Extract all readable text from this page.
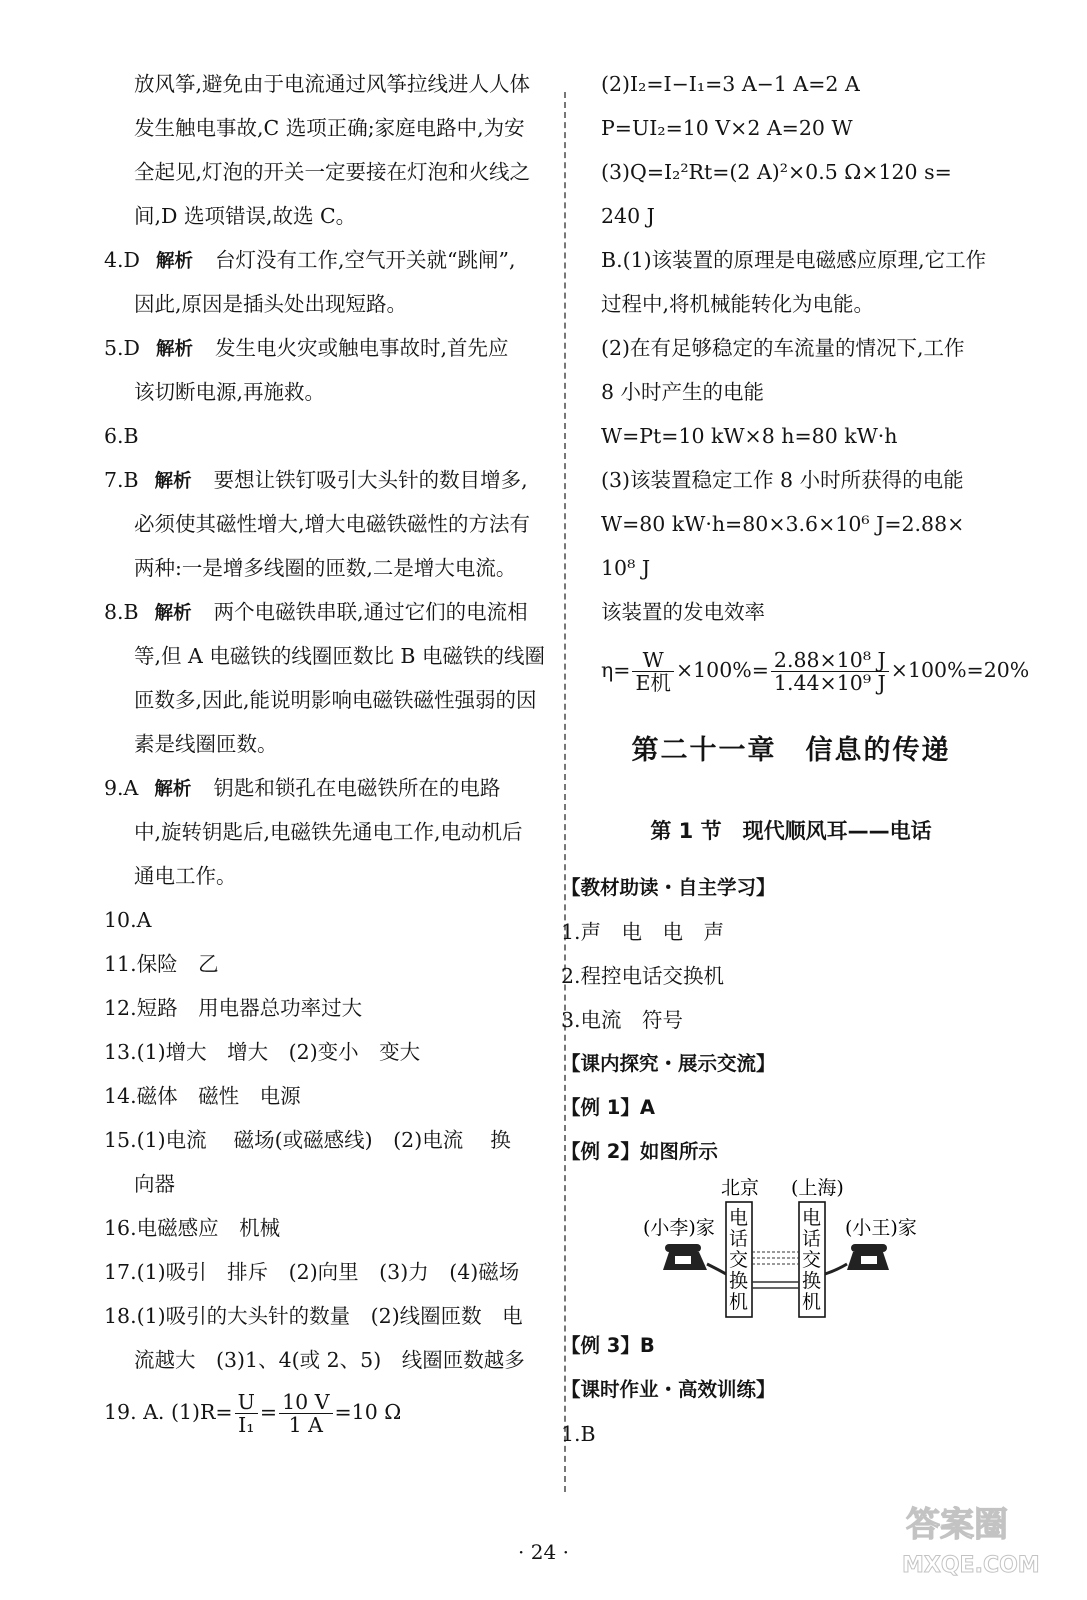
放风筝,避免由于电流通过风筝拉线进人人体
发生触电事故,C 选项正确;家庭电路中,为安
全起见,灯泡的开关一定要接在灯泡和火线之
间,D 选项错误,故选 C。
4.D 解析 台灯没有工作,空气开关就“跳闸”,
因此,原因是插头处出现短路。
5.D 解析 发生电火灾或触电事故时,首先应
该切断电源,再施救。
6.B
7.B 解析 要想让铁钉吸引大头针的数目增多,
必须使其磁性增大,增大电磁铁磁性的方法有
两种:一是增多线圈的匝数,二是增大电流。
8.B 解析 两个电磁铁串联,通过它们的电流相
等,但 A 电磁铁的线圈匝数比 B 电磁铁的线圈
匝数多,因此,能说明影响电磁铁磁性强弱的因
素是线圈匝数。
9.A 解析 钥匙和锁孔在电磁铁所在的电路
中,旋转钥匙后,电磁铁先通电工作,电动机后
通电工作。
10.A
11.保险　乙
12.短路　用电器总功率过大
13.(1)增大　增大　(2)变小　变大
14.磁体　磁性　电源
15.(1)电流　 磁场(或磁感线)　(2)电流　 换
向器
16.电磁感应　机械
17.(1)吸引　排斥　(2)向里　(3)力　(4)磁场
18.(1)吸引的大头针的数量　(2)线圈匝数　电
流越大　(3)1、4(或 2、5)　线圈匝数越多
19. A. $(1)R= \frac{U}{\text{I₁}} = \frac{10 V}{1 A} =10$ Ω
(2)I₂=I−I₁=3 A−1 A=2 A
P=UI₂=10 V×2 A=20 W
(3)Q=I₂²Rt=(2 A)²×0.5 Ω×120 s=
240 J
B.(1)该装置的原理是电磁感应原理,它工作
过程中,将机械能转化为电能。
(2)在有足够稳定的车流量的情况下,工作
8 小时产生的电能
W=Pt=10 kW×8 h=80 kW·h
(3)该装置稳定工作 8 小时所获得的电能
W=80 kW·h=80×3.6×10⁶ J=2.88×
10⁸ J
该装置的发电效率
$\eta= \frac{W}{\text{E机}} \times 100\%= \frac{\text{2.88×10⁸ J}}{\text{1.44×10⁹ J}} \times 100\%=20\%$
第二十一章　信息的传递
第 1 节　现代顺风耳——电话
【教材助读・自主学习】
1.声　电　电　声
2.程控电话交换机
3.电流　符号
【课内探究・展示交流】
【例 1】A
【例 2】如图所示
北京 (上海)
(小李)家	(小王)家
电
话
交
换
机
电
话
交
换
机
【例 3】B
【课时作业・高效训练】
1.B
· 24 ·
答案圈
MXQE.COM
